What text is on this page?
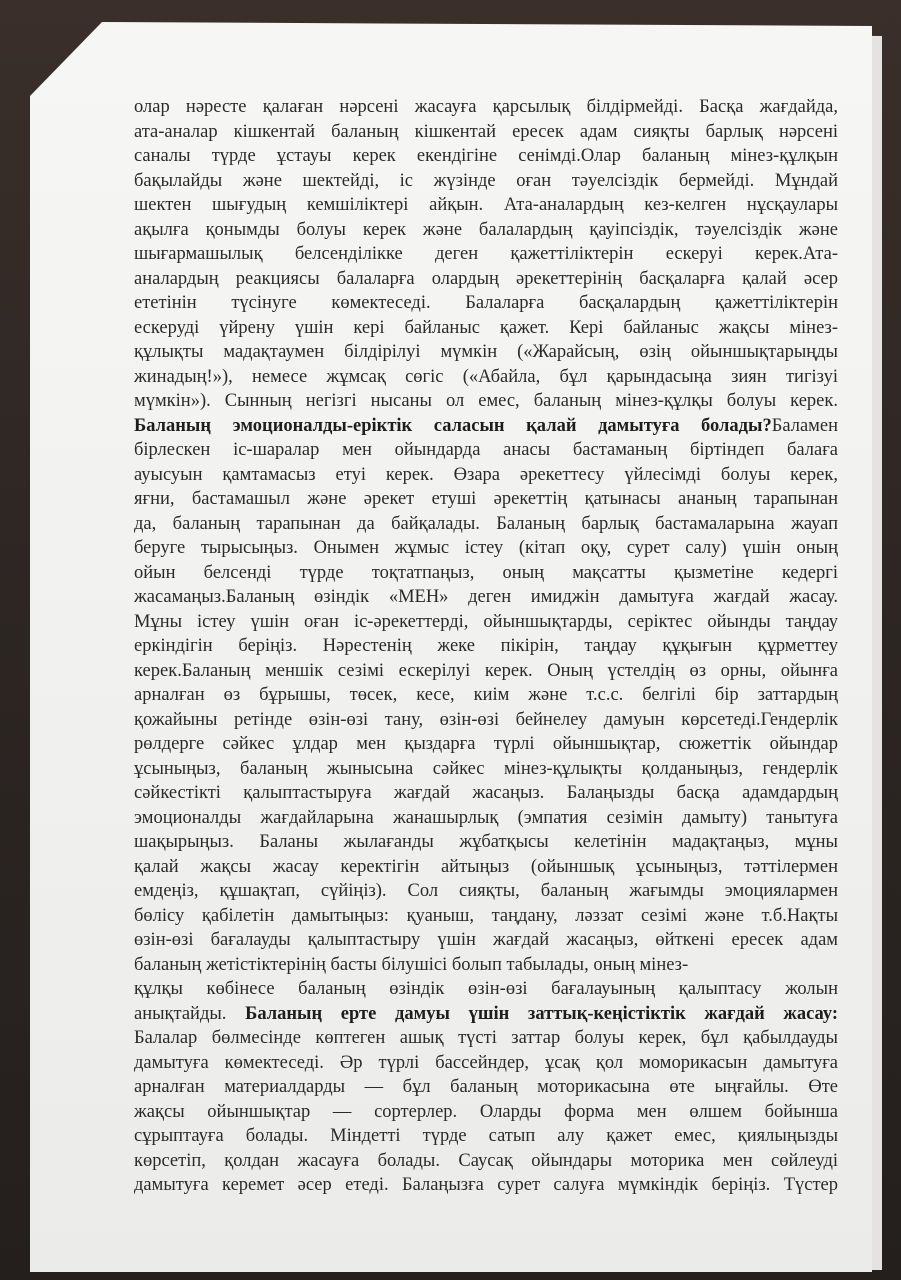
олар нәресте қалаған нәрсені жасауға қарсылық білдірмейді. Басқа жағдайда,
ата-аналар кішкентай баланың кішкентай ересек адам сияқты барлық нәрсені
саналы түрде ұстауы керек екендігіне сенімді.Олар баланың мінез-құлқын
бақылайды және шектейді, іс жүзінде оған тәуелсіздік бермейді. Мұндай
шектен шығудың кемшіліктері айқын. Ата-аналардың кез-келген нұсқаулары
ақылға қонымды болуы керек және балалардың қауіпсіздік, тәуелсіздік және
шығармашылық белсенділікке деген қажеттіліктерін ескеруі керек.Ата-
аналардың реакциясы балаларға олардың әрекеттерінің басқаларға қалай әсер
ететінін түсінуге көмектеседі. Балаларға басқалардың қажеттіліктерін
ескеруді үйрену үшін кері байланыс қажет. Кері байланыс жақсы мінез-
құлықты мадақтаумен білдірілуі мүмкін («Жарайсың, өзің ойыншықтарыңды
жинадың!»), немесе жұмсақ сөгіс («Абайла, бұл қарындасыңа зиян тигізуі
мүмкін»). Сынның негізгі нысаны ол емес, баланың мінез-құлқы болуы керек.
Баланың эмоционалды-еріктік саласын қалай дамытуға болады?Баламен
бірлескен іс-шаралар мен ойындарда анасы бастаманың біртіндеп балаға
ауысуын қамтамасыз етуі керек. Өзара әрекеттесу үйлесімді болуы керек,
яғни, бастамашыл және әрекет етуші әрекеттің қатынасы ананың тарапынан
да, баланың тарапынан да байқалады. Баланың барлық бастамаларына жауап
беруге тырысыңыз. Онымен жұмыс істеу (кітап оқу, сурет салу) үшін оның
ойын белсенді түрде тоқтатпаңыз, оның мақсатты қызметіне кедергі
жасамаңыз.Баланың өзіндік «МЕН» деген имиджін дамытуға жағдай жасау.
Мұны істеу үшін оған іс-әрекеттерді, ойыншықтарды, серіктес ойынды таңдау
еркіндігін беріңіз. Нәрестенің жеке пікірін, таңдау құқығын құрметтеу
керек.Баланың меншік сезімі ескерілуі керек. Оның үстелдің өз орны, ойынға
арналған өз бұрышы, төсек, кесе, киім және т.с.с. белгілі бір заттардың
қожайыны ретінде өзін-өзі тану, өзін-өзі бейнелеу дамуын көрсетеді.Гендерлік
рөлдерге сәйкес ұлдар мен қыздарға түрлі ойыншықтар, сюжеттік ойындар
ұсыныңыз, баланың жынысына сәйкес мінез-құлықты қолданыңыз, гендерлік
сәйкестікті қалыптастыруға жағдай жасаңыз. Балаңызды басқа адамдардың
эмоционалды жағдайларына жанашырлық (эмпатия сезімін дамыту) танытуға
шақырыңыз. Баланы жылағанды жұбатқысы келетінін мадақтаңыз, мұны
қалай жақсы жасау керектігін айтыңыз (ойыншық ұсыныңыз, тәттілермен
емдеңіз, құшақтап, сүйіңіз). Сол сияқты, баланың жағымды эмоциялармен
бөлісу қабілетін дамытыңыз: қуаныш, таңдану, ләззат сезімі және т.б.Нақты
өзін-өзі бағалауды қалыптастыру үшін жағдай жасаңыз, өйткені ересек адам
баланың жетістіктерінің басты білушісі болып табылады, оның мінез-
құлқы көбінесе баланың өзіндік өзін-өзі бағалауының қалыптасу жолын
анықтайды. Баланың ерте дамуы үшін заттық-кеңістіктік жағдай жасау:
Балалар бөлмесінде көптеген ашық түсті заттар болуы керек, бұл қабылдауды
дамытуға көмектеседі. Әр түрлі бассейндер, ұсақ қол моморикасын дамытуға
арналған материалдарды — бұл баланың моторикасына өте ыңғайлы. Өте
жақсы ойыншықтар — сортерлер. Оларды форма мен өлшем бойынша
сұрыптауға болады. Міндетті түрде сатып алу қажет емес, қиялыңызды
көрсетіп, қолдан жасауға болады. Саусақ ойындары моторика мен сөйлеуді
дамытуға керемет әсер етеді. Балаңызға сурет салуға мүмкіндік беріңіз. Түстер
